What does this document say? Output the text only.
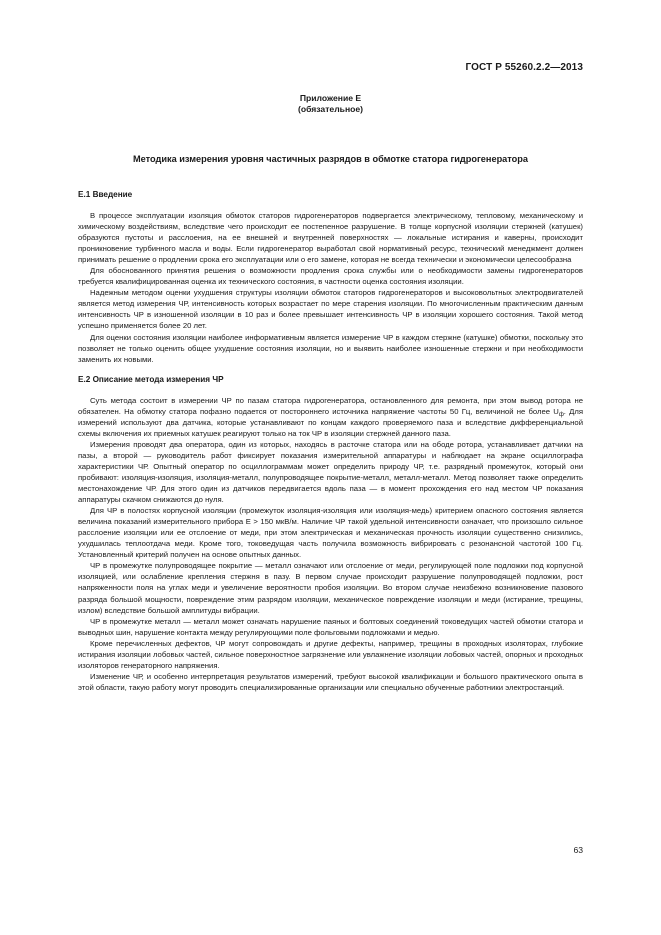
ГОСТ Р 55260.2.2—2013
Приложение Е
(обязательное)
Методика измерения уровня частичных разрядов в обмотке статора гидрогенератора
Е.1 Введение

В процессе эксплуатации изоляция обмоток статоров гидрогенераторов подвергается электрическому, тепловому, механическому и химическому воздействиям, вследствие чего происходит ее постепенное разрушение. В толще корпусной изоляции стержней (катушек) образуются пустоты и расслоения, на ее внешней и внутренней поверхностях — локальные истирания и каверны, происходит проникновение турбинного масла и воды. Если гидрогенератор выработал свой нормативный ресурс, технический менеджмент должен принимать решение о продлении срока его эксплуатации или о его замене, которая не всегда технически и экономически целесообразна

Для обоснованного принятия решения о возможности продления срока службы или о необходимости замены гидрогенераторов требуется квалифицированная оценка их технического состояния, в частности оценка состояния изоляции.

Надежным методом оценки ухудшения структуры изоляции обмоток статоров гидрогенераторов и высоковольтных электродвигателей является метод измерения ЧР, интенсивность которых возрастает по мере старения изоляции. По многочисленным практическим данным интенсивность ЧР в изношенной изоляции в 10 раз и более превышает интенсивность ЧР в изоляции хорошего состояния. Такой метод успешно применяется более 20 лет.

Для оценки состояния изоляции наиболее информативным является измерение ЧР в каждом стержне (катушке) обмотки, поскольку это позволяет не только оценить общее ухудшение состояния изоляции, но и выявить наиболее изношенные стержни и при необходимости заменить их новыми.

Е.2 Описание метода измерения ЧР

Суть метода состоит в измерении ЧР по пазам статора гидрогенератора, остановленного для ремонта, при этом вывод ротора не обязателен. На обмотку статора пофазно подается от постороннего источника напряжение частоты 50 Гц, величиной не более $U_ф$. Для измерений используют два датчика, которые устанавливают по концам каждого проверяемого паза и вследствие дифференциальной схемы включения их приемных катушек реагируют только на ток ЧР в изоляции стержней данного паза.

Измерения проводят два оператора, один из которых, находясь в расточке статора или на ободе ротора, устанавливает датчики на пазы, а второй — руководитель работ фиксирует показания измерительной аппаратуры и наблюдает на экране осциллографа характеристики ЧР. Опытный оператор по осциллограммам может определить природу ЧР, т.е. разрядный промежуток, который они пробивают: изоляция-изоляция, изоляция-металл, полупроводящее покрытие-металл, металл-металл. Метод позволяет также определить местонахождение ЧР. Для этого один из датчиков передвигается вдоль паза — в момент прохождения его над местом ЧР показания аппаратуры скачком снижаются до нуля.

Для ЧР в полостях корпусной изоляции (промежуток изоляция-изоляция или изоляция-медь) критерием опасного состояния является величина показаний измерительного прибора Е > 150 мкВ/м. Наличие ЧР такой удельной интенсивности означает, что произошло сильное расслоение изоляции или ее отслоение от меди, при этом электрическая и механическая прочность изоляции существенно снизились, ухудшилась теплоотдача меди. Кроме того, токоведущая часть получила возможность вибрировать с резонансной частотой 100 Гц. Установленный критерий получен на основе опытных данных.

ЧР в промежутке полупроводящее покрытие — металл означают или отслоение от меди, регулирующей поле подложки под корпусной изоляцией, или ослабление крепления стержня в пазу. В первом случае происходит разрушение полупроводящей подложки, рост напряженности поля на углах меди и увеличение вероятности пробоя изоляции. Во втором случае неизбежно возникновение пазового разряда большой мощности, повреждение этим разрядом изоляции, механическое повреждение изоляции и меди (истирание, трещины, излом) вследствие большой амплитуды вибрации.

ЧР в промежутке металл — металл может означать нарушение паяных и болтовых соединений токоведущих частей обмотки статора и выводных шин, нарушение контакта между регулирующими поле фольговыми подложками и медью.

Кроме перечисленных дефектов, ЧР могут сопровождать и другие дефекты, например, трещины в проходных изоляторах, глубокие истирания изоляции лобовых частей, сильное поверхностное загрязнение или увлажнение изоляции лобовых частей, опорных и проходных изоляторов генераторного напряжения.

Изменение ЧР, и особенно интерпретация результатов измерений, требуют высокой квалификации и большого практического опыта в этой области, такую работу могут проводить специализированные организации или специально обученные работники электростанций.

63
